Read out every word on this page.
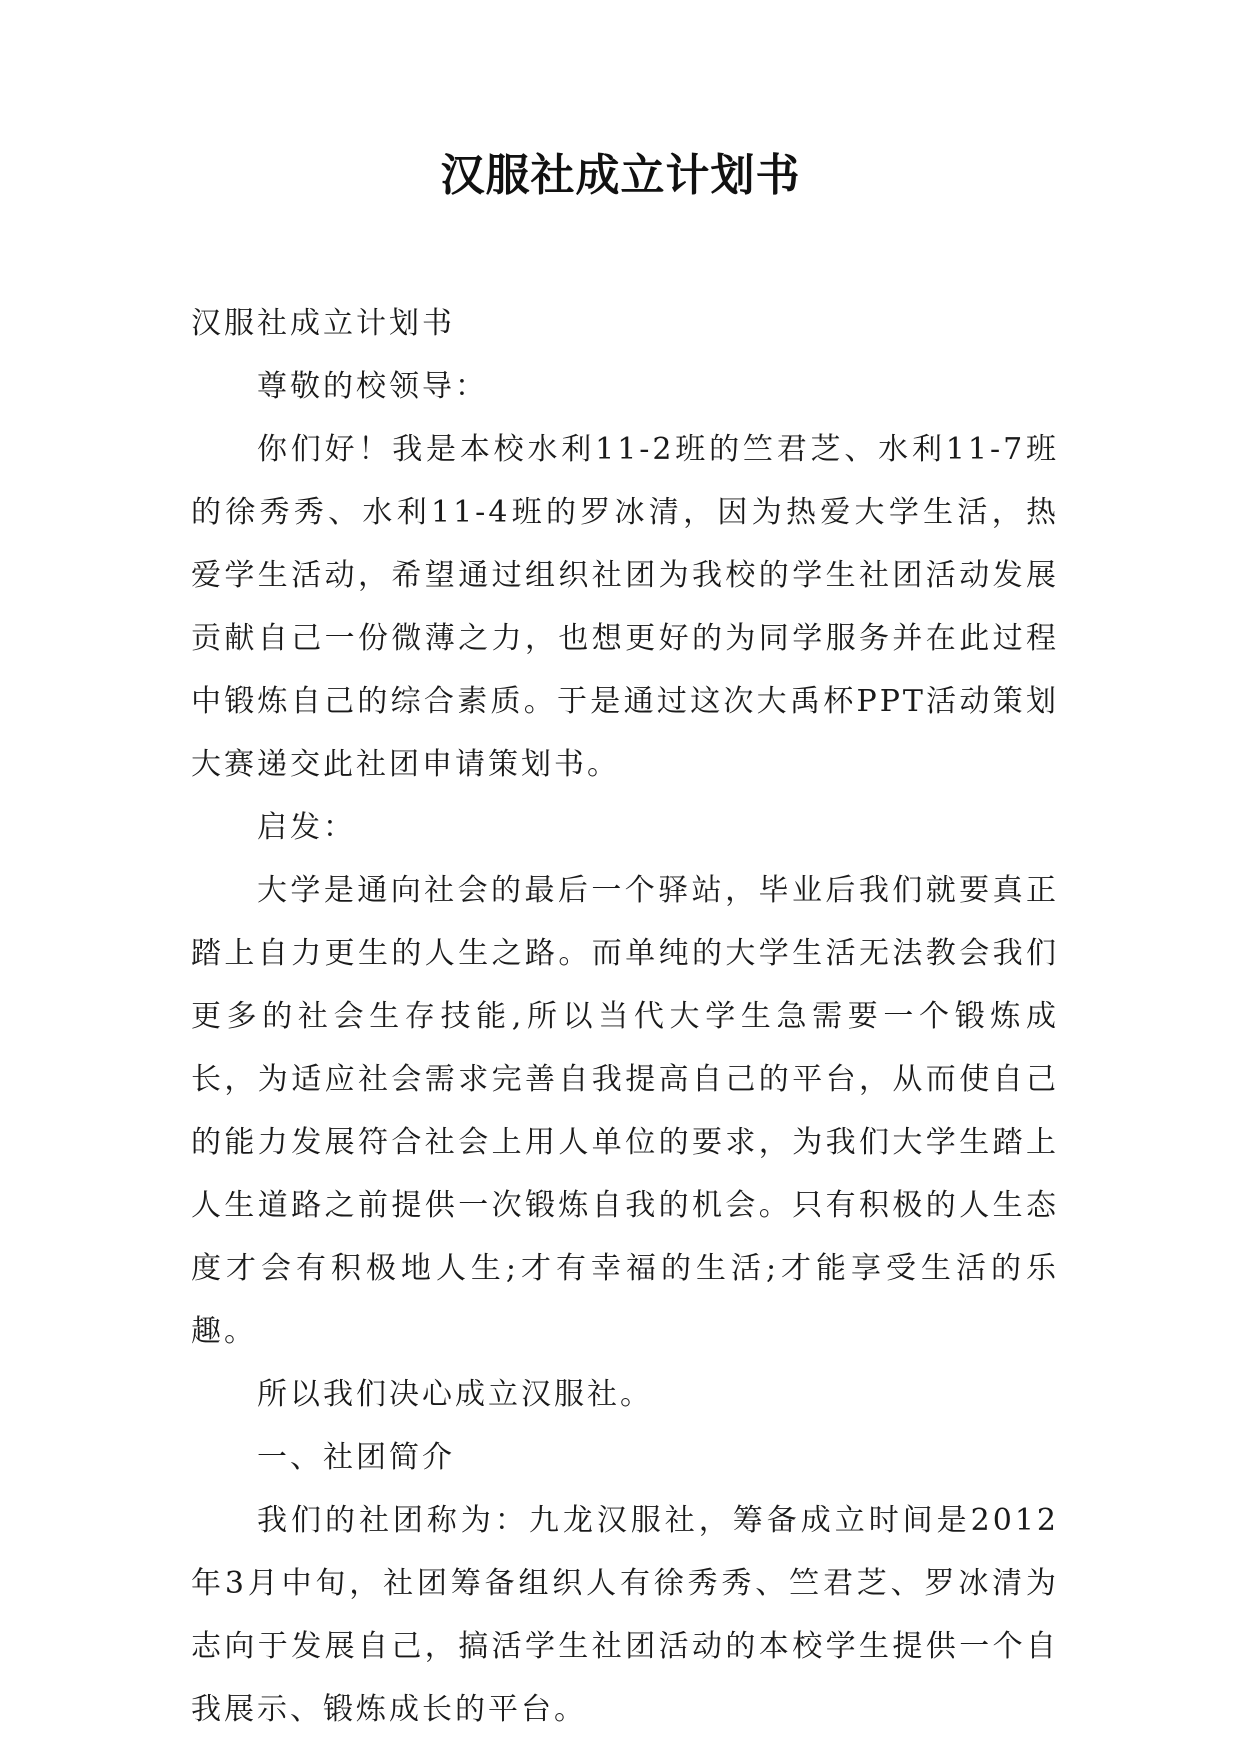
汉服社成立计划书

汉服社成立计划书

尊敬的校领导：

你们好！我是本校水利11-2班的竺君芝、水利11-7班的徐秀秀、水利11-4班的罗冰清，因为热爱大学生活，热爱学生活动，希望通过组织社团为我校的学生社团活动发展贡献自己一份微薄之力，也想更好的为同学服务并在此过程中锻炼自己的综合素质。于是通过这次大禹杯PPT活动策划大赛递交此社团申请策划书。

启发：

大学是通向社会的最后一个驿站，毕业后我们就要真正踏上自力更生的人生之路。而单纯的大学生活无法教会我们更多的社会生存技能,所以当代大学生急需要一个锻炼成长，为适应社会需求完善自我提高自己的平台，从而使自己的能力发展符合社会上用人单位的要求，为我们大学生踏上人生道路之前提供一次锻炼自我的机会。只有积极的人生态度才会有积极地人生;才有幸福的生活;才能享受生活的乐趣。

所以我们决心成立汉服社。

一、社团简介

我们的社团称为：九龙汉服社，筹备成立时间是2012年3月中旬，社团筹备组织人有徐秀秀、竺君芝、罗冰清为志向于发展自己，搞活学生社团活动的本校学生提供一个自我展示、锻炼成长的平台。
